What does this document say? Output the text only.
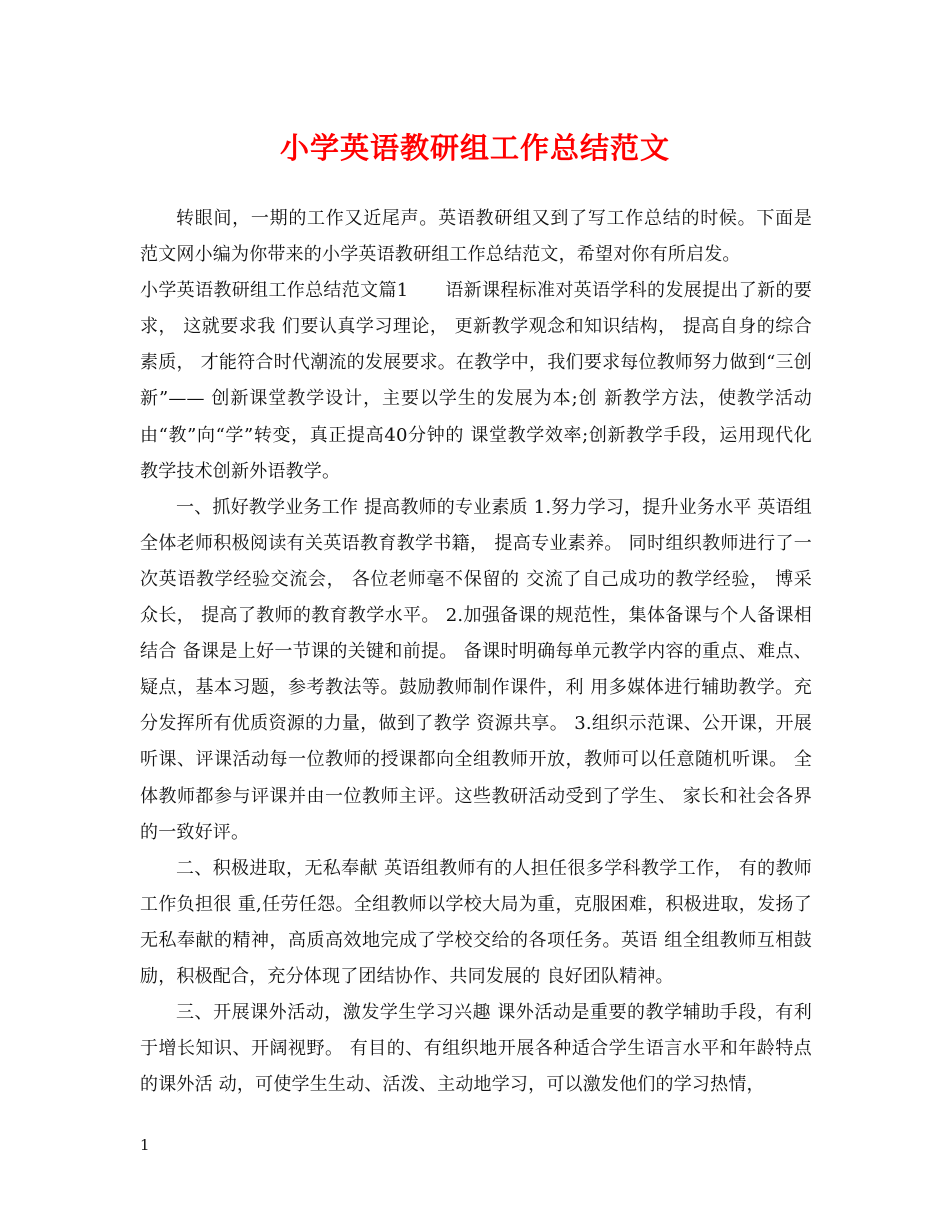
小学英语教研组工作总结范文

转眼间，一期的工作又近尾声。英语教研组又到了写工作总结的时候。下面是范文网小编为你带来的小学英语教研组工作总结范文，希望对你有所启发。

小学英语教研组工作总结范文篇1　　语新课程标准对英语学科的发展提出了新的要求， 这就要求我 们要认真学习理论， 更新教学观念和知识结构， 提高自身的综合素质， 才能符合时代潮流的发展要求。在教学中，我们要求每位教师努力做到“三创新”—— 创新课堂教学设计，主要以学生的发展为本;创 新教学方法，使教学活动由“教”向“学”转变，真正提高40分钟的 课堂教学效率;创新教学手段，运用现代化教学技术创新外语教学。

一、抓好教学业务工作 提高教师的专业素质 1.努力学习，提升业务水平 英语组全体老师积极阅读有关英语教育教学书籍， 提高专业素养。 同时组织教师进行了一次英语教学经验交流会， 各位老师毫不保留的 交流了自己成功的教学经验， 博采众长， 提高了教师的教育教学水平。 2.加强备课的规范性，集体备课与个人备课相结合 备课是上好一节课的关键和前提。 备课时明确每单元教学内容的重点、难点、疑点，基本习题，参考教法等。鼓励教师制作课件，利 用多媒体进行辅助教学。充分发挥所有优质资源的力量，做到了教学 资源共享。 3.组织示范课、公开课，开展听课、评课活动每一位教师的授课都向全组教师开放，教师可以任意随机听课。 全体教师都参与评课并由一位教师主评。这些教研活动受到了学生、 家长和社会各界的一致好评。

二、积极进取，无私奉献 英语组教师有的人担任很多学科教学工作， 有的教师工作负担很 重,任劳任怨。全组教师以学校大局为重，克服困难，积极进取，发扬了无私奉献的精神，高质高效地完成了学校交给的各项任务。英语 组全组教师互相鼓励，积极配合，充分体现了团结协作、共同发展的 良好团队精神。

三、开展课外活动，激发学生学习兴趣 课外活动是重要的教学辅助手段，有利于增长知识、开阔视野。 有目的、有组织地开展各种适合学生语言水平和年龄特点的课外活 动，可使学生生动、活泼、主动地学习，可以激发他们的学习热情，

1
